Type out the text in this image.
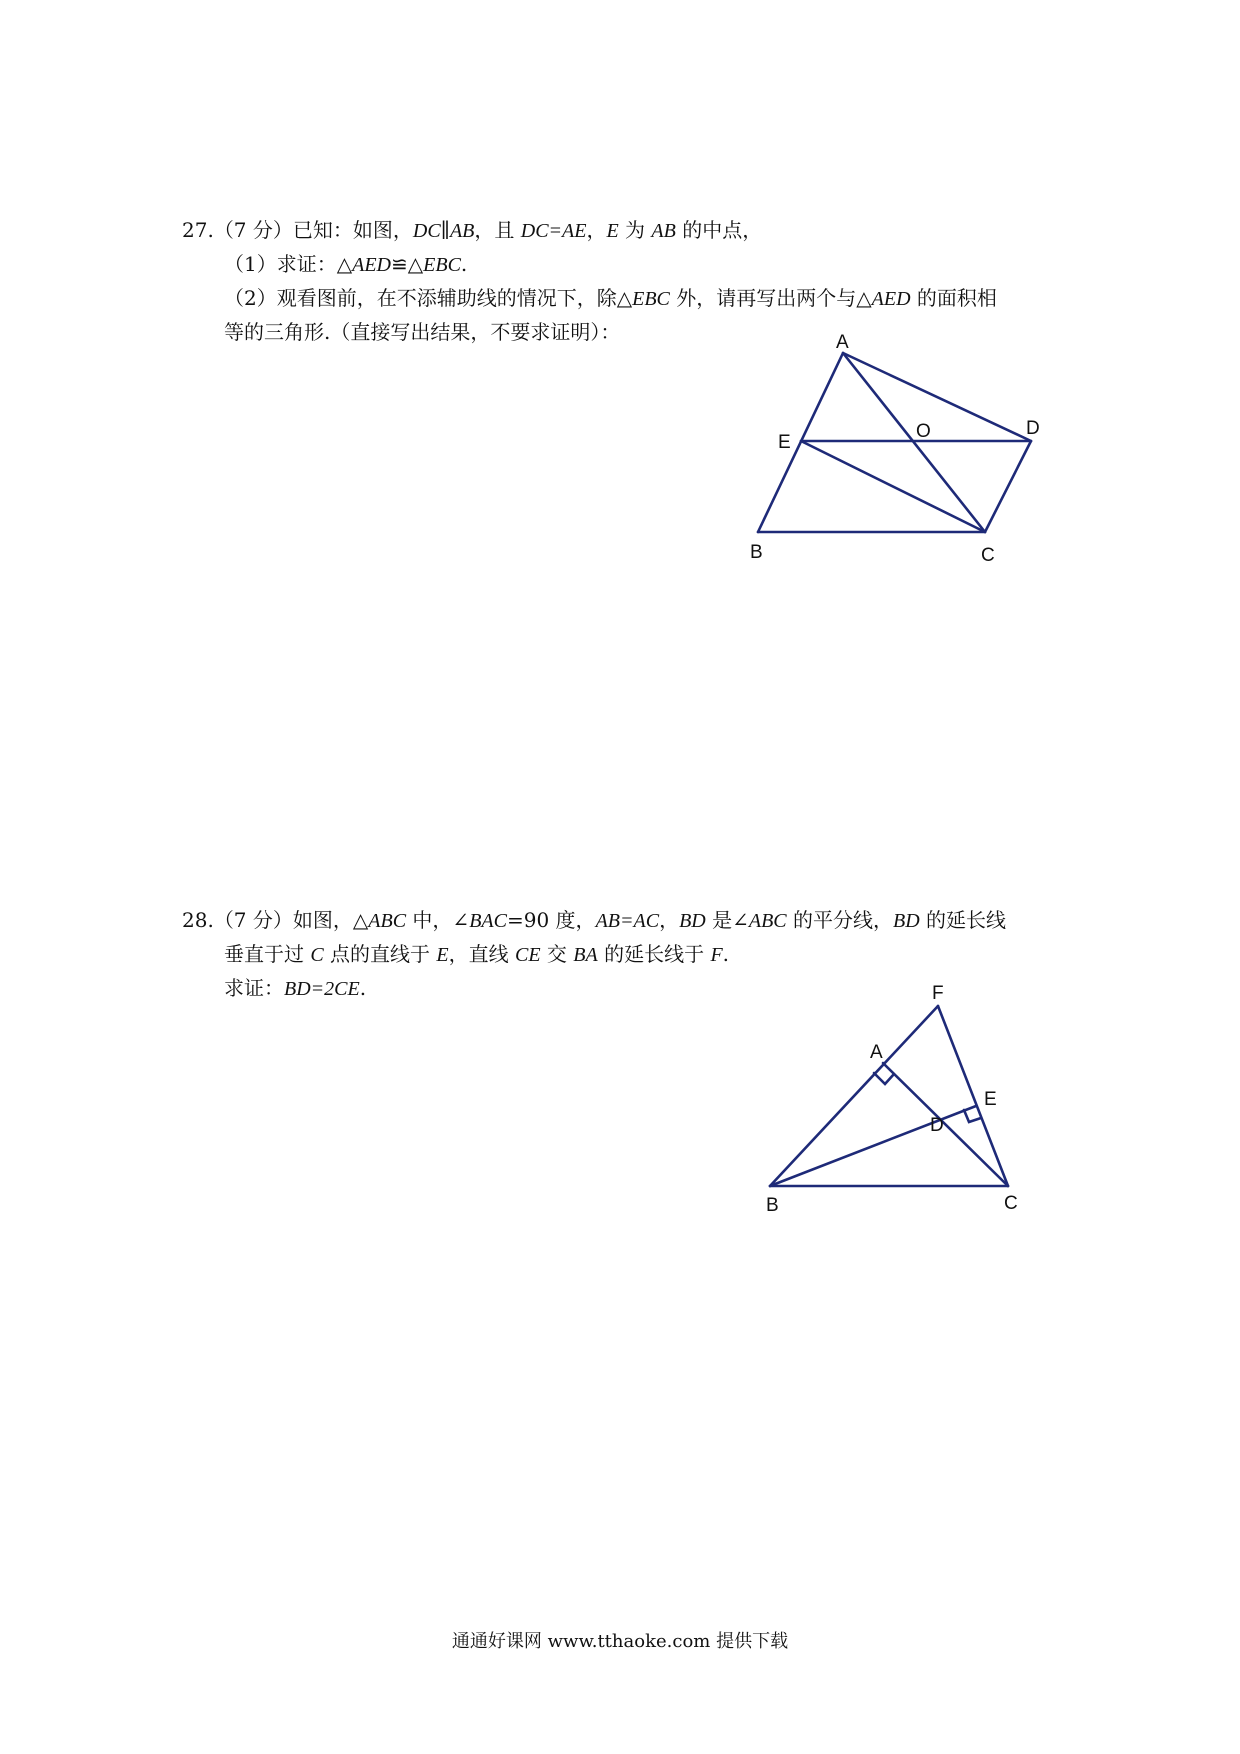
27.（7 分）已知：如图，DC∥AB，且 DC=AE，E 为 AB 的中点，
（1）求证：△AED≌△EBC.
（2）观看图前，在不添辅助线的情况下，除△EBC 外，请再写出两个与△AED 的面积相
等的三角形.（直接写出结果，不要求证明）：	A
E
O	D
B	C
28.（7 分）如图，△ABC 中，∠BAC=90 度，AB=AC，BD 是∠ABC 的平分线，BD 的延长线
垂直于过 C 点的直线于 E，直线 CE 交 BA 的延长线于 F.
求证：BD=2CE.	F
A
E
D
B	C
通通好课网 www.tthaoke.com 提供下载
